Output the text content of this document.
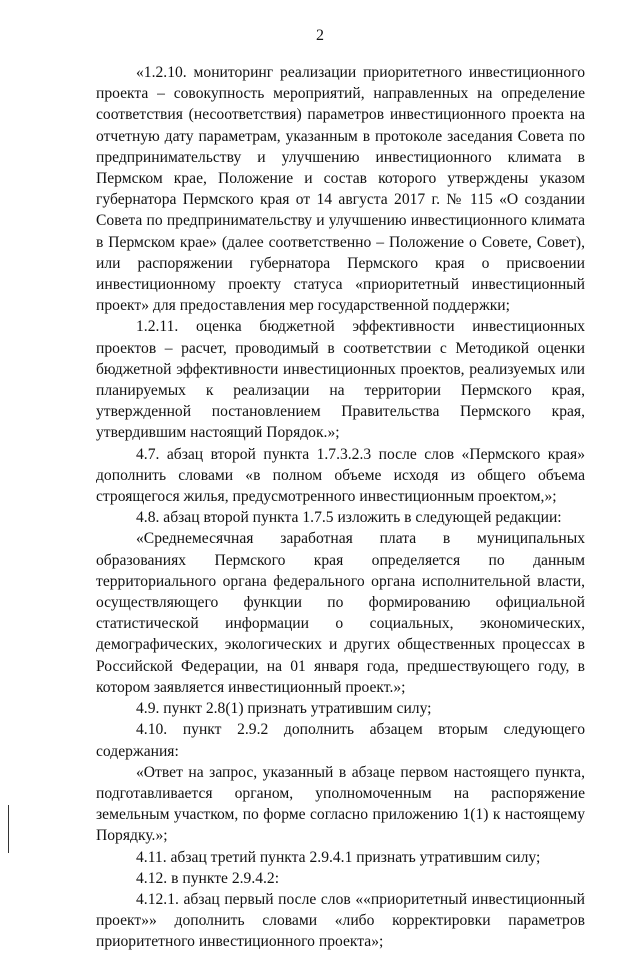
2

«1.2.10. мониторинг реализации приоритетного инвестиционного проекта – совокупность мероприятий, направленных на определение соответствия (несоответствия) параметров инвестиционного проекта на отчетную дату параметрам, указанным в протоколе заседания Совета по предпринимательству и улучшению инвестиционного климата в Пермском крае, Положение и состав которого утверждены указом губернатора Пермского края от 14 августа 2017 г. № 115 «О создании Совета по предпринимательству и улучшению инвестиционного климата в Пермском крае» (далее соответственно – Положение о Совете, Совет), или распоряжении губернатора Пермского края о присвоении инвестиционному проекту статуса «приоритетный инвестиционный проект» для предоставления мер государственной поддержки;

1.2.11. оценка бюджетной эффективности инвестиционных проектов – расчет, проводимый в соответствии с Методикой оценки бюджетной эффективности инвестиционных проектов, реализуемых или планируемых к реализации на территории Пермского края, утвержденной постановлением Правительства Пермского края, утвердившим настоящий Порядок.»;

4.7. абзац второй пункта 1.7.3.2.3 после слов «Пермского края» дополнить словами «в полном объеме исходя из общего объема строящегося жилья, предусмотренного инвестиционным проектом,»;

4.8. абзац второй пункта 1.7.5 изложить в следующей редакции:

«Среднемесячная заработная плата в муниципальных образованиях Пермского края определяется по данным территориального органа федерального органа исполнительной власти, осуществляющего функции по формированию официальной статистической информации о социальных, экономических, демографических, экологических и других общественных процессах в Российской Федерации, на 01 января года, предшествующего году, в котором заявляется инвестиционный проект.»;

4.9. пункт 2.8(1) признать утратившим силу;

4.10. пункт 2.9.2 дополнить абзацем вторым следующего содержания:

«Ответ на запрос, указанный в абзаце первом настоящего пункта, подготавливается органом, уполномоченным на распоряжение земельным участком, по форме согласно приложению 1(1) к настоящему Порядку.»;

4.11. абзац третий пункта 2.9.4.1 признать утратившим силу;

4.12. в пункте 2.9.4.2:

4.12.1. абзац первый после слов ««приоритетный инвестиционный проект»» дополнить словами «либо корректировки параметров приоритетного инвестиционного проекта»;
